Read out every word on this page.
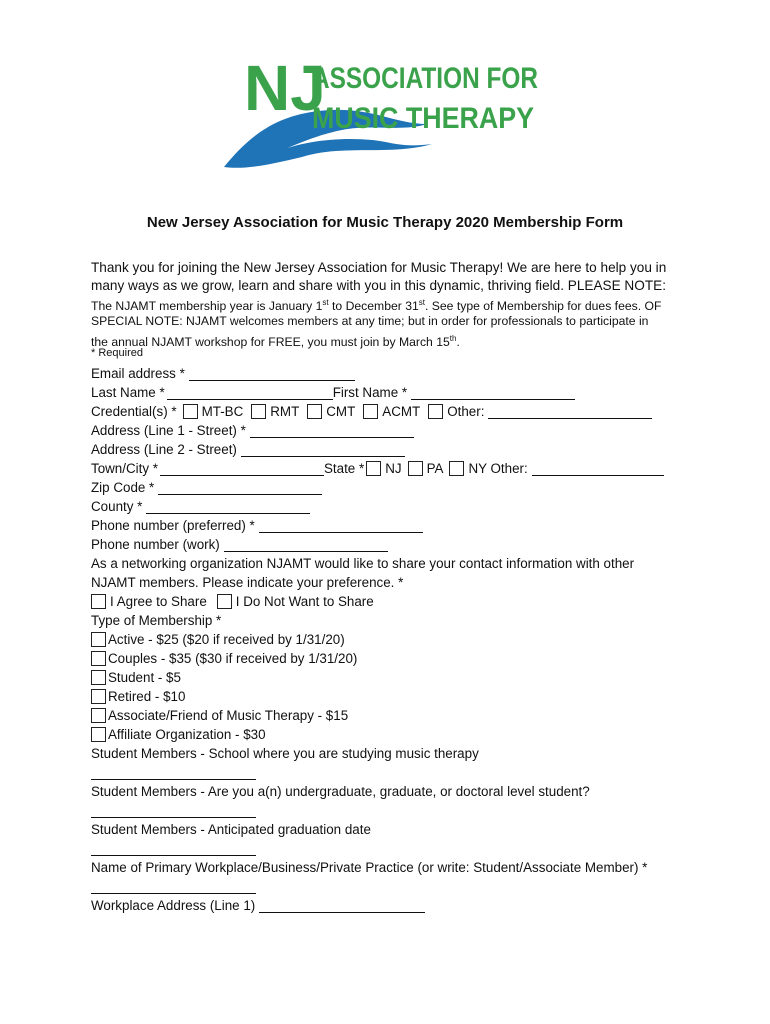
NJ
ASSOCIATION FOR
MUSIC THERAPY
New Jersey Association for Music Therapy 2020 Membership Form
Thank you for joining the New Jersey Association for Music Therapy! We are here to help you in
many ways as we grow, learn and share with you in this dynamic, thriving field. PLEASE NOTE:
The NJAMT membership year is January 1st to December 31st. See type of Membership for dues fees. OF
SPECIAL NOTE: NJAMT welcomes members at any time; but in order for professionals to participate in
the annual NJAMT workshop for FREE, you must join by March 15th.
* Required
Email address *
Last Name *	First Name *
Credential(s) * MT-BC RMT CMT ACMT Other:
Address (Line 1 - Street) *
Address (Line 2 - Street)
Town/City *	State * NJ PA NY Other:
Zip Code *
County *
Phone number (preferred) *
Phone number (work)
As a networking organization NJAMT would like to share your contact information with other
NJAMT members. Please indicate your preference. *
I Agree to Share I Do Not Want to Share
Type of Membership *
Active - $25 ($20 if received by 1/31/20)
Couples - $35 ($30 if received by 1/31/20)
Student - $5
Retired - $10
Associate/Friend of Music Therapy - $15
Affiliate Organization - $30
Student Members - School where you are studying music therapy
Student Members - Are you a(n) undergraduate, graduate, or doctoral level student?
Student Members - Anticipated graduation date
Name of Primary Workplace/Business/Private Practice (or write: Student/Associate Member) *
Workplace Address (Line 1)
